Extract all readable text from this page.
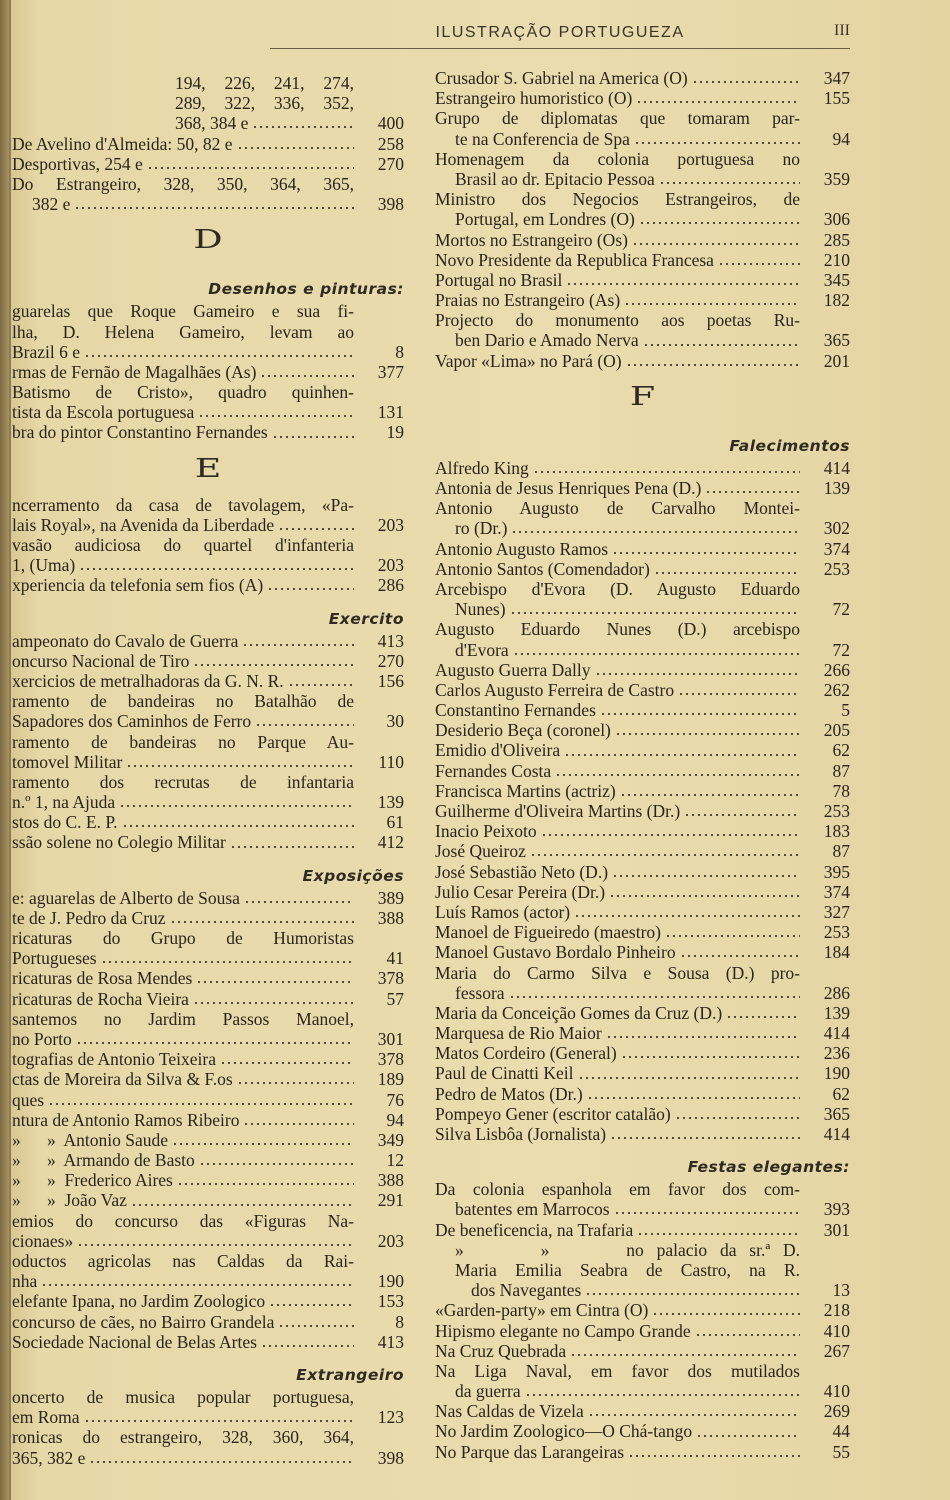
ILUSTRAÇÃO PORTUGUEZA	III
194, 226, 241, 274,
289, 322, 336, 352,
368, 384 e	400
De Avelino d'Almeida: 50, 82 e	258
Desportivas, 254 e	270
Do Estrangeiro, 328, 350, 364, 365,
382 e	398
D
Desenhos e pinturas:
guarelas que Roque Gameiro e sua fi-
lha, D. Helena Gameiro, levam ao
Brazil 6 e	8
rmas de Fernão de Magalhães (As)	377
Batismo de Cristo», quadro quinhen-
tista da Escola portuguesa	131
bra do pintor Constantino Fernandes	19
E
ncerramento da casa de tavolagem, «Pa-
lais Royal», na Avenida da Liberdade	203
vasão audiciosa do quartel d'infanteria
1, (Uma)	203
xperiencia da telefonia sem fios (A)	286
Exercito
ampeonato do Cavalo de Guerra	413
oncurso Nacional de Tiro	270
xercicios de metralhadoras da G. N. R.	156
ramento de bandeiras no Batalhão de
Sapadores dos Caminhos de Ferro	30
ramento de bandeiras no Parque Au-
tomovel Militar	110
ramento dos recrutas de infantaria
n.º 1, na Ajuda	139
stos do C. E. P.	61
ssão solene no Colegio Militar	412
Exposições
e: aguarelas de Alberto de Sousa	389
te de J. Pedro da Cruz	388
ricaturas do Grupo de Humoristas
Portugueses	41
ricaturas de Rosa Mendes	378
ricaturas de Rocha Vieira	57
santemos no Jardim Passos Manoel,
no Porto	301
tografias de Antonio Teixeira	378
ctas de Moreira da Silva & F.os	189
ques	76
ntura de Antonio Ramos Ribeiro	94
»      »  Antonio Saude	349
»      »  Armando de Basto	12
»      »  Frederico Aires	388
»      »  João Vaz	291
emios do concurso das «Figuras Na-
cionaes»	203
oductos agricolas nas Caldas da Rai-
nha	190
elefante Ipana, no Jardim Zoologico	153
concurso de cães, no Bairro Grandela	8
Sociedade Nacional de Belas Artes	413
Extrangeiro
oncerto de musica popular portuguesa,
em Roma	123
ronicas do estrangeiro, 328, 360, 364,
365, 382 e	398
Crusador S. Gabriel na America (O)	347
Estrangeiro humoristico (O)	155
Grupo de diplomatas que tomaram par-
te na Conferencia de Spa	94
Homenagem da colonia portuguesa no
Brasil ao dr. Epitacio Pessoa	359
Ministro dos Negocios Estrangeiros, de
Portugal, em Londres (O)	306
Mortos no Estrangeiro (Os)	285
Novo Presidente da Republica Francesa	210
Portugal no Brasil	345
Praias no Estrangeiro (As)	182
Projecto do monumento aos poetas Ru-
ben Dario e Amado Nerva	365
Vapor «Lima» no Pará (O)	201
F
Falecimentos
Alfredo King	414
Antonia de Jesus Henriques Pena (D.)	139
Antonio Augusto de Carvalho Montei-
ro (Dr.)	302
Antonio Augusto Ramos	374
Antonio Santos (Comendador)	253
Arcebispo d'Evora (D. Augusto Eduardo
Nunes)	72
Augusto Eduardo Nunes (D.) arcebispo
d'Evora	72
Augusto Guerra Dally	266
Carlos Augusto Ferreira de Castro	262
Constantino Fernandes	5
Desiderio Beça (coronel)	205
Emidio d'Oliveira	62
Fernandes Costa	87
Francisca Martins (actriz)	78
Guilherme d'Oliveira Martins (Dr.)	253
Inacio Peixoto	183
José Queiroz	87
José Sebastião Neto (D.)	395
Julio Cesar Pereira (Dr.)	374
Luís Ramos (actor)	327
Manoel de Figueiredo (maestro)	253
Manoel Gustavo Bordalo Pinheiro	184
Maria do Carmo Silva e Sousa (D.) pro-
fessora	286
Maria da Conceição Gomes da Cruz (D.)	139
Marquesa de Rio Maior	414
Matos Cordeiro (General)	236
Paul de Cinatti Keil	190
Pedro de Matos (Dr.)	62
Pompeyo Gener (escritor catalão)	365
Silva Lisbôa (Jornalista)	414
Festas elegantes:
Da colonia espanhola em favor dos com-
batentes em Marrocos	393
De beneficencia, na Trafaria	301
»      »      no palacio da sr.ª D.
Maria Emilia Seabra de Castro, na R.
dos Navegantes	13
«Garden-party» em Cintra (O)	218
Hipismo elegante no Campo Grande	410
Na Cruz Quebrada	267
Na Liga Naval, em favor dos mutilados
da guerra	410
Nas Caldas de Vizela	269
No Jardim Zoologico—O Chá-tango	44
No Parque das Larangeiras	55
